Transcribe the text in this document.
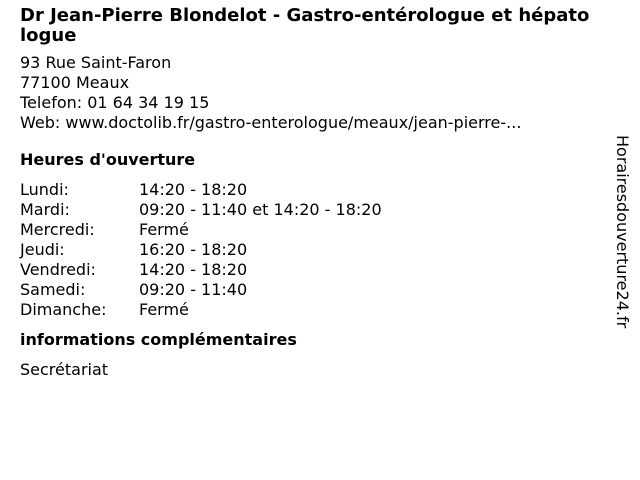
Dr Jean-Pierre Blondelot - Gastro-entérologue et hépatologue
93 Rue Saint-Faron
77100 Meaux
Telefon: 01 64 34 19 15
Web: www.doctolib.fr/gastro-enterologue/meaux/jean-pierre-...
Heures d'ouverture
Lundi:	14:20 - 18:20
Mardi:	09:20 - 11:40 et 14:20 - 18:20
Mercredi:	Fermé
Jeudi:	16:20 - 18:20
Vendredi:	14:20 - 18:20
Samedi:	09:20 - 11:40
Dimanche:	Fermé
informations complémentaires
Secrétariat
Horairesdouverture24.fr
